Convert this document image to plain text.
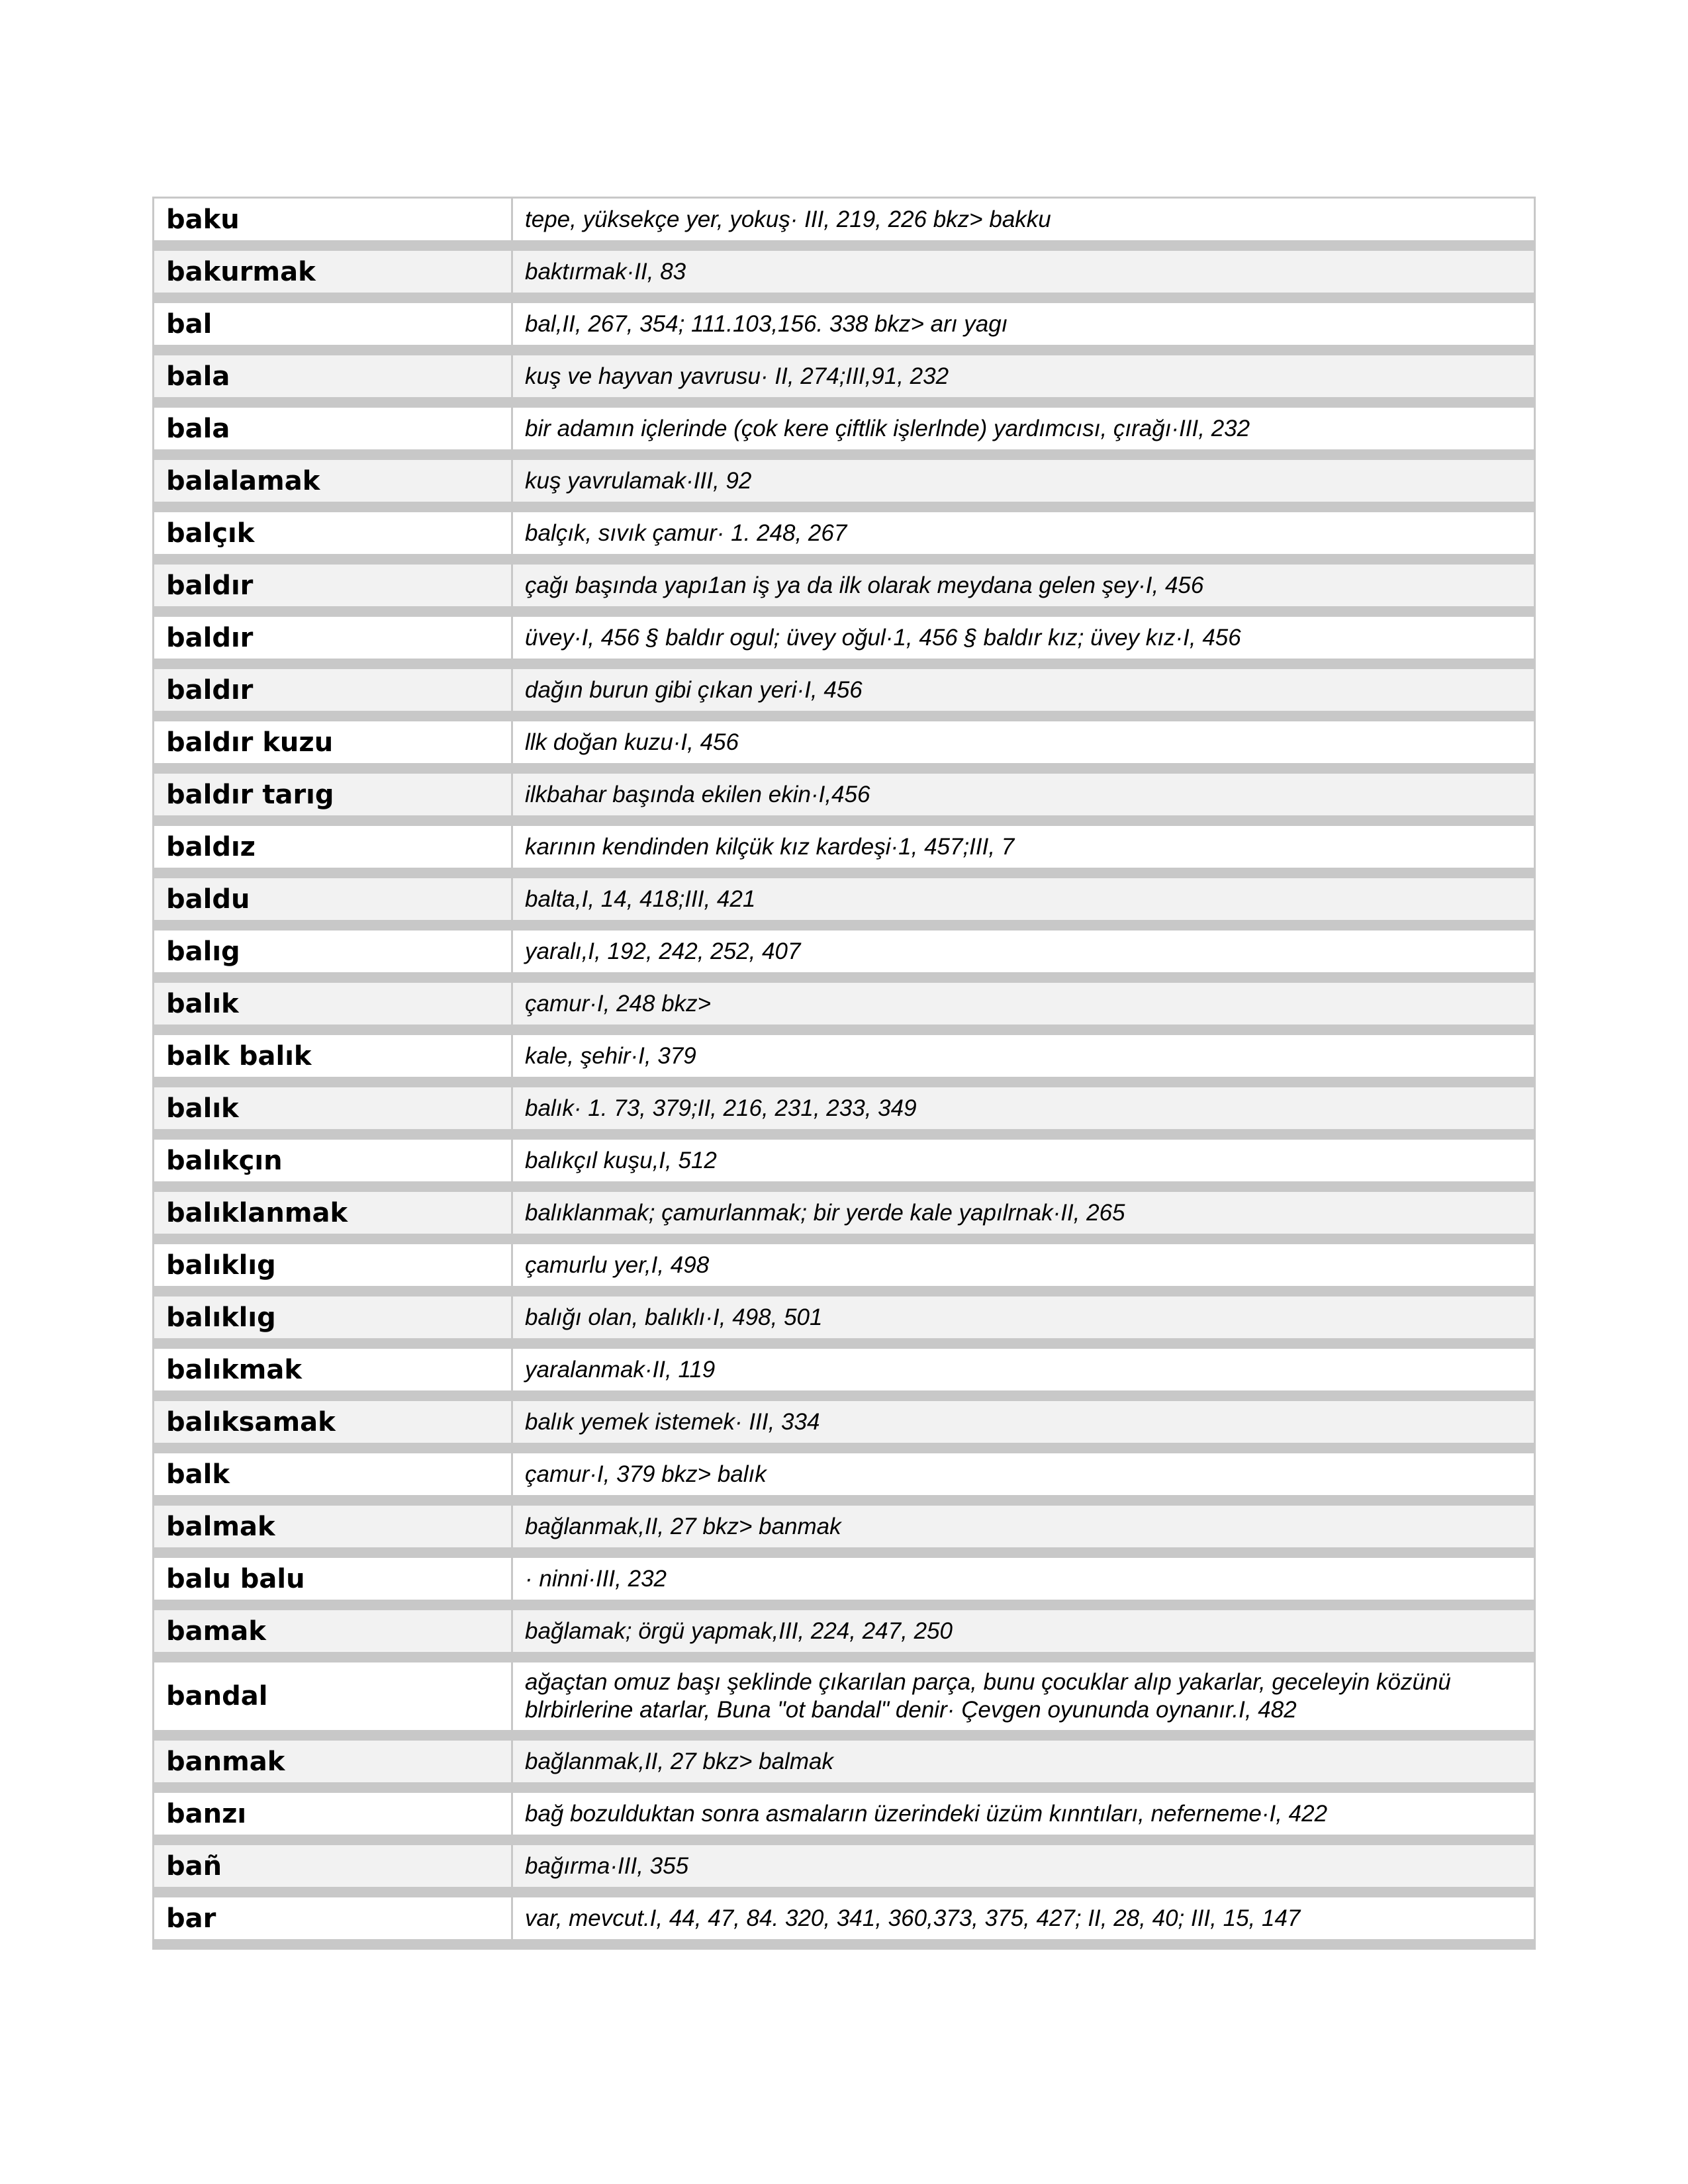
baku	tepe, yüksekçe yer, yokuş· III, 219, 226 bkz> bakku
bakurmak	baktırmak·II, 83
bal	bal,II, 267, 354; 111.103,156. 338 bkz> arı yagı
bala	kuş ve hayvan yavrusu· II, 274;III,91, 232
bala	bir adamın içlerinde (çok kere çiftlik işlerlnde) yardımcısı, çırağı·III, 232
balalamak	kuş yavrulamak·III, 92
balçık	balçık, sıvık çamur· 1. 248, 267
baldır	çağı başında yapı1an iş ya da ilk olarak meydana gelen şey·I, 456
baldır	üvey·I, 456 § baldır ogul; üvey oğul·1, 456 § baldır kız; üvey kız·I, 456
baldır	dağın burun gibi çıkan yeri·I, 456
baldır kuzu	llk doğan kuzu·I, 456
baldır tarıg	ilkbahar başında ekilen ekin·I,456
baldız	karının kendinden kilçük kız kardeşi·1, 457;III, 7
baldu	balta,I, 14, 418;III, 421
balıg	yaralı,I, 192, 242, 252, 407
balık	çamur·I, 248 bkz>
balk balık	kale, şehir·I, 379
balık	balık· 1. 73, 379;II, 216, 231, 233, 349
balıkçın	balıkçıl kuşu,I, 512
balıklanmak	balıklanmak; çamurlanmak; bir yerde kale yapılrnak·II, 265
balıklıg	çamurlu yer,I, 498
balıklıg	balığı olan, balıklı·I, 498, 501
balıkmak	yaralanmak·II, 119
balıksamak	balık yemek istemek· III, 334
balk	çamur·I, 379 bkz> balık
balmak	bağlanmak,II, 27 bkz> banmak
balu balu	· ninni·III, 232
bamak	bağlamak; örgü yapmak,III, 224, 247, 250
bandal	ağaçtan omuz başı şeklinde çıkarılan parça, bunu çocuklar alıp yakarlar, geceleyin közünü blrbirlerine atarlar, Buna "ot bandal" denir· Çevgen oyununda oynanır.I, 482
banmak	bağlanmak,II, 27 bkz> balmak
banzı	bağ bozulduktan sonra asmaların üzerindeki üzüm kınntıları, neferneme·I, 422
bañ	bağırma·III, 355
bar	var, mevcut.I, 44, 47, 84. 320, 341, 360,373, 375, 427; II, 28, 40; III, 15, 147
